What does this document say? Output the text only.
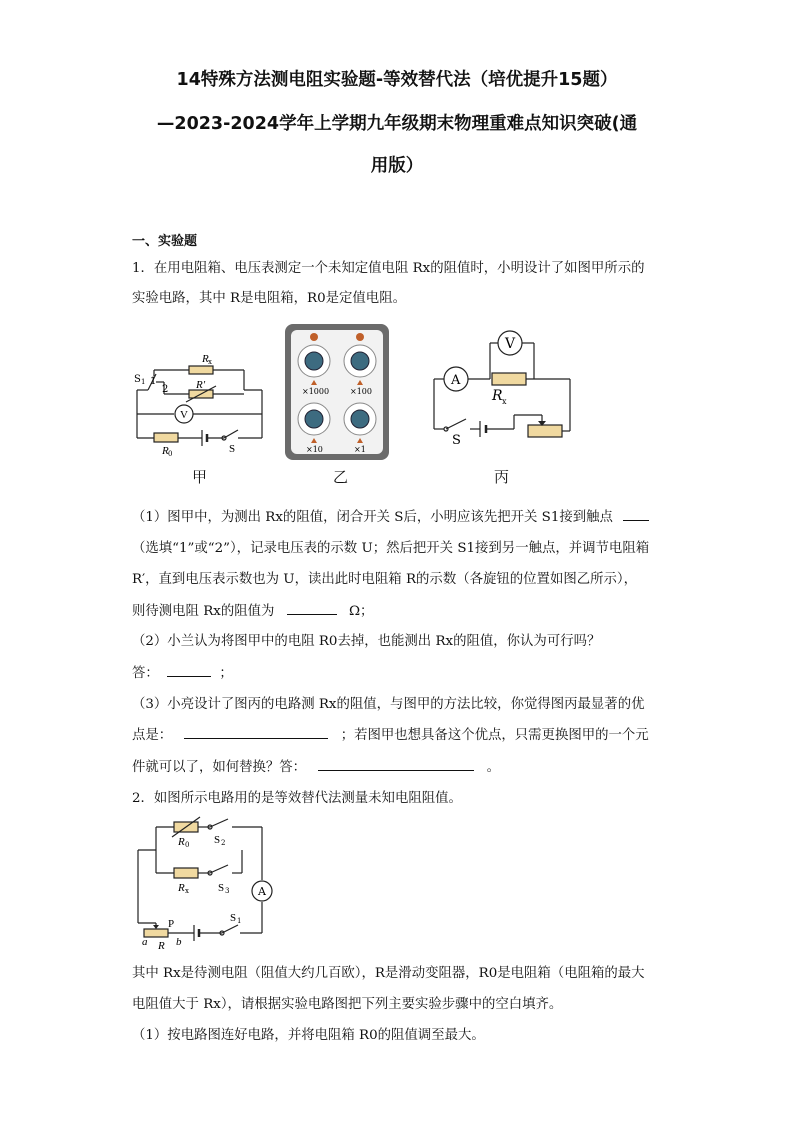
14特殊方法测电阻实验题-等效替代法（培优提升15题）
—2023-2024学年上学期九年级期末物理重难点知识突破(通
用版）
一、实验题
1．在用电阻箱、电压表测定一个未知定值电阻 Rx的阻值时，小明设计了如图甲所示的
实验电路，其中 R是电阻箱，R0是定值电阻。
V
R x
R'
1
2
S 1
R 0	S
甲
×1000	×100
×10	×1
乙
V
A
R x
S
丙
（1）图甲中，为测出 Rx的阻值，闭合开关 S后，小明应该先把开关 S1接到触点
（选填“1”或“2”），记录电压表的示数 U；然后把开关 S1接到另一触点，并调节电阻箱
R′，直到电压表示数也为 U，读出此时电阻箱 R的示数（各旋钮的位置如图乙所示），
则待测电阻 Rx的阻值为	Ω；
（2）小兰认为将图甲中的电阻 R0去掉，也能测出 Rx的阻值，你认为可行吗？
答：	；
（3）小亮设计了图丙的电路测 Rx的阻值，与图甲的方法比较，你觉得图丙最显著的优
点是：	；若图甲也想具备这个优点，只需更换图甲的一个元
件就可以了，如何替换？答：	。
2．如图所示电路用的是等效替代法测量未知电阻阻值。
A
R 0 S 2
R x	S 3
S 1
P
a R b
其中 Rx是待测电阻（阻值大约几百欧），R是滑动变阻器，R0是电阻箱（电阻箱的最大
电阻值大于 Rx），请根据实验电路图把下列主要实验步骤中的空白填齐。
（1）按电路图连好电路，并将电阻箱 R0的阻值调至最大。
